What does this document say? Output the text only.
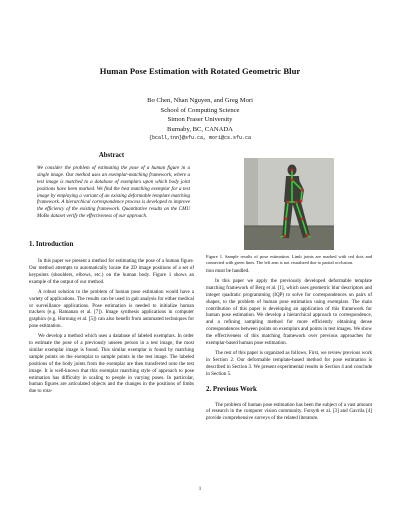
Human Pose Estimation with Rotated Geometric Blur
Bo Chen, Nhan Nguyen, and Greg Mori
School of Computing Science
Simon Fraser University
Burnaby, BC, CANADA
{bcall,tnn}@sfu.ca, mori@cs.sfu.ca
Abstract

We consider the problem of estimating the pose of a human figure in a single image. Our method uses an exemplar-matching framework, where a test image is matched to a database of exemplars upon which body joint positions have been marked. We find the best matching exemplar for a test image by employing a variant of an existing deformable template matching framework. A hierarchical correspondence process is developed to improve the efficiency of the existing framework. Quantitative results on the CMU MoBo dataset verify the effectiveness of our approach.

1. Introduction

In this paper we present a method for estimating the pose of a human figure. Our method attempts to automatically locate the 2D image positions of a set of keypoints (shoulders, elbows, etc.) on the human body. Figure 1 shows an example of the output of our method.

A robust solution to the problem of human pose estimation would have a variety of applications. The results can be used in gait analysis for either medical or surveillance applications. Pose estimation is needed to initialize human trackers (e.g. Ramanan et al. [7]). Image synthesis applications in computer graphics (e.g. Hornung et al. [5]) can also benefit from automated techniques for pose estimation.

We develop a method which uses a database of labeled exemplars. In order to estimate the pose of a previously unseen person in a test image, the most similar exemplar image is found. This similar exemplar is found by matching sample points on the exemplar to sample points in the test image. The labeled positions of the body joints from the exemplar are then transferred onto the test image. It is well-known that this exemplar matching style of approach to pose estimation has difficulty in scaling to people in varying poses. In particular, human figures are articulated objects and the changes in the positions of limbs due to rota-

Figure 1. Sample results of pose estimation. Limb joints are marked with red dots and connected with green lines. The left arm is not visualized due to partial occlusion.

tion must be handled.

In this paper we apply the previously developed deformable template matching framework of Berg et al. [1], which uses geometric blur descriptors and integer quadratic programming (IQP) to solve for correspondences on pairs of shapes, to the problem of human pose estimation using exemplars. The main contribution of this paper is developing an application of this framework for human pose estimation. We develop a hierarchical approach to correspondence, and a refining sampling method for more efficiently obtaining dense correspondences between points on exemplars and points in test images. We show the effectiveness of this matching framework over previous approaches for exemplar-based human pose estimation.

The rest of this paper is organized as follows. First, we review previous work in Section 2. Our deformable template-based method for pose estimation is described in Section 3. We present experimental results in Section 4 and conclude in Section 5.

2. Previous Work

The problem of human pose estimation has been the subject of a vast amount of research in the computer vision community. Forsyth et al. [3] and Gavrila [4] provide comprehensive surveys of the related literature.

1
